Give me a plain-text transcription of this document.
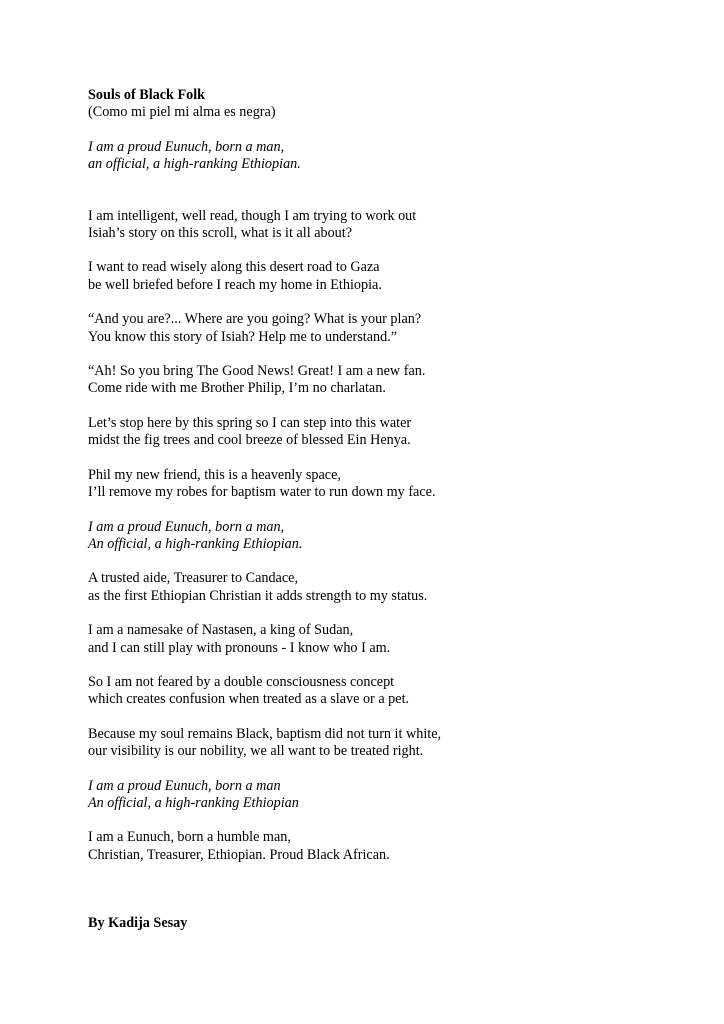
Souls of Black Folk
(Como mi piel mi alma es negra)
I am a proud Eunuch, born a man,
an official, a high-ranking Ethiopian.
I am intelligent, well read, though I am trying to work out
Isiah’s story on this scroll, what is it all about?
I want to read wisely along this desert road to Gaza
be well briefed before I reach my home in Ethiopia.
“And you are?... Where are you going? What is your plan?
You know this story of Isiah? Help me to understand.”
“Ah! So you bring The Good News! Great! I am a new fan.
Come ride with me Brother Philip, I’m no charlatan.
Let’s stop here by this spring so I can step into this water
midst the fig trees and cool breeze of blessed Ein Henya.
Phil my new friend, this is a heavenly space,
I’ll remove my robes for baptism water to run down my face.
I am a proud Eunuch, born a man,
An official, a high-ranking Ethiopian.
A trusted aide, Treasurer to Candace,
as the first Ethiopian Christian it adds strength to my status.
I am a namesake of Nastasen, a king of Sudan,
and I can still play with pronouns - I know who I am.
So I am not feared by a double consciousness concept
which creates confusion when treated as a slave or a pet.
Because my soul remains Black, baptism did not turn it white,
our visibility is our nobility, we all want to be treated right.
I am a proud Eunuch, born a man
An official, a high-ranking Ethiopian
I am a Eunuch, born a humble man,
Christian, Treasurer, Ethiopian. Proud Black African.
By Kadija Sesay
